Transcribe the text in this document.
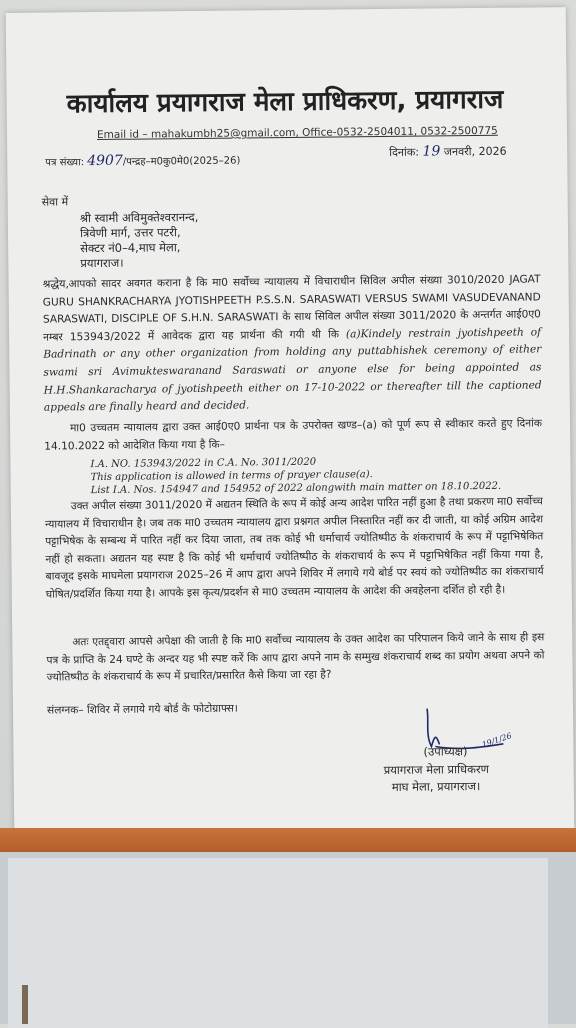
कार्यालय प्रयागराज मेला प्राधिकरण, प्रयागराज
Email id – mahakumbh25@gmail.com, Office-0532-2504011, 0532-2500775
पत्र संख्या: 4907/पन्द्रह–म0कु0मे0(2025–26)
दिनांक: 19 जनवरी, 2026
सेवा में
श्री स्वामी अविमुक्तेश्वरानन्द,
त्रिवेणी मार्ग, उत्तर पटरी,
सेक्टर नं0–4,माघ मेला,
प्रयागराज।
श्रद्धेय, आपको सादर अवगत कराना है कि मा0 सर्वोच्च न्यायालय में विचाराधीन सिविल अपील संख्या 3010/2020 JAGAT GURU SHANKRACHARYA JYOTISHPEETH P.S.S.N. SARASWATI VERSUS SWAMI VASUDEVANAND SARASWATI, DISCIPLE OF S.H.N. SARASWATI के साथ सिविल अपील संख्या 3011/2020 के अन्तर्गत आई0ए0 नम्बर 153943/2022 में आवेदक द्वारा यह प्रार्थना की गयी थी कि (a)Kindely restrain jyotishpeeth of Badrinath or any other organization from holding any puttabhishek ceremony of either swami sri Avimukteswaranand Saraswati or anyone else for being appointed as H.H.Shankaracharya of jyotishpeeth either on 17-10-2022 or thereafter till the captioned appeals are finally heard and decided.
मा0 उच्चतम न्यायालय द्वारा उक्त आई0ए0 प्रार्थना पत्र के उपरोक्त खण्ड–(a) को पूर्ण रूप से स्वीकार करते हुए दिनांक 14.10.2022 को आदेशित किया गया है कि–
I.A. NO. 153943/2022 in C.A. No. 3011/2020
This application is allowed in terms of prayer clause(a).
List I.A. Nos. 154947 and 154952 of 2022 alongwith main matter on 18.10.2022.
उक्त अपील संख्या 3011/2020 में अद्यतन स्थिति के रूप में कोई अन्य आदेश पारित नहीं हुआ है तथा प्रकरण मा0 सर्वोच्च न्यायालय में विचाराधीन है। जब तक मा0 उच्चतम न्यायालय द्वारा प्रश्नगत अपील निस्तारित नहीं कर दी जाती, या कोई अग्रिम आदेश पट्टाभिषेक के सम्बन्ध में पारित नहीं कर दिया जाता, तब तक कोई भी धर्माचार्य ज्योतिष्पीठ के शंकराचार्य के रूप में पट्टाभिषेकित नहीं हो सकता। अद्यतन यह स्पष्ट है कि कोई भी धर्माचार्य ज्योतिष्पीठ के शंकराचार्य के रूप में पट्टाभिषेकित नहीं किया गया है, बावजूद इसके माघमेला प्रयागराज 2025–26 में आप द्वारा अपने शिविर में लगाये गये बोर्ड पर स्वयं को ज्योतिष्पीठ का शंकराचार्य घोषित/प्रदर्शित किया गया है। आपके इस कृत्य/प्रदर्शन से मा0 उच्चतम न्यायालय के आदेश की अवहेलना दर्शित हो रही है।
अतः एतद्द्वारा आपसे अपेक्षा की जाती है कि मा0 सर्वोच्च न्यायालय के उक्त आदेश का परिपालन किये जाने के साथ ही इस पत्र के प्राप्ति के 24 घण्टे के अन्दर यह भी स्पष्ट करें कि आप द्वारा अपने नाम के सम्मुख शंकराचार्य शब्द का प्रयोग अथवा अपने को ज्योतिष्पीठ के शंकराचार्य के रूप में प्रचारित/प्रसारित कैसे किया जा रहा है?
संलग्नक– शिविर में लगाये गये बोर्ड के फोटोग्राफ्स।
19/1/26
(उपाध्यक्ष)
प्रयागराज मेला प्राधिकरण
माघ मेला, प्रयागराज।
